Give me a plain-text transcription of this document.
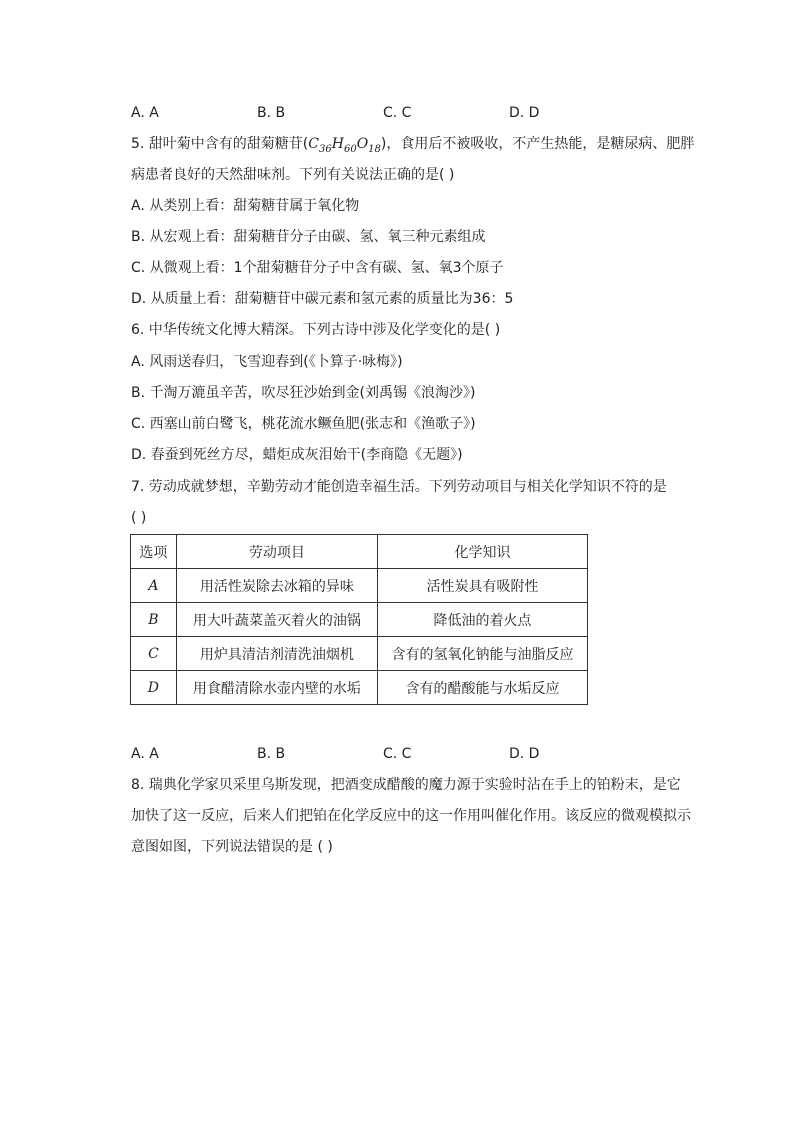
A. A	B. B	C. C	D. D
5. 甜叶菊中含有的甜菊糖苷$(C_{36}H_{60}O_{18})$，食用后不被吸收，不产生热能，是糖尿病、肥胖
病患者良好的天然甜味剂。下列有关说法正确的是( )
A. 从类别上看：甜菊糖苷属于氧化物
B. 从宏观上看：甜菊糖苷分子由碳、氢、氧三种元素组成
C. 从微观上看：1个甜菊糖苷分子中含有碳、氢、氧3个原子
D. 从质量上看：甜菊糖苷中碳元素和氢元素的质量比为36：5
6. 中华传统文化博大精深。下列古诗中涉及化学变化的是( )
A. 风雨送春归，飞雪迎春到(《卜算子·咏梅》)
B. 千淘万漉虽辛苦，吹尽狂沙始到金(刘禹锡《浪淘沙》)
C. 西塞山前白鹭飞，桃花流水鳜鱼肥(张志和《渔歌子》)
D. 春蚕到死丝方尽，蜡炬成灰泪始干(李商隐《无题》)
7. 劳动成就梦想，辛勤劳动才能创造幸福生活。下列劳动项目与相关化学知识不符的是
( )
选项	劳动项目	化学知识
A	用活性炭除去冰箱的异味	活性炭具有吸附性
B	用大叶蔬菜盖灭着火的油锅	降低油的着火点
C	用炉具清洁剂清洗油烟机	含有的氢氧化钠能与油脂反应
D	用食醋清除水壶内壁的水垢	含有的醋酸能与水垢反应
A. A	B. B	C. C	D. D
8. 瑞典化学家贝采里乌斯发现，把酒变成醋酸的魔力源于实验时沾在手上的铂粉末，是它
加快了这一反应，后来人们把铂在化学反应中的这一作用叫催化作用。该反应的微观模拟示
意图如图，下列说法错误的是 ( )
